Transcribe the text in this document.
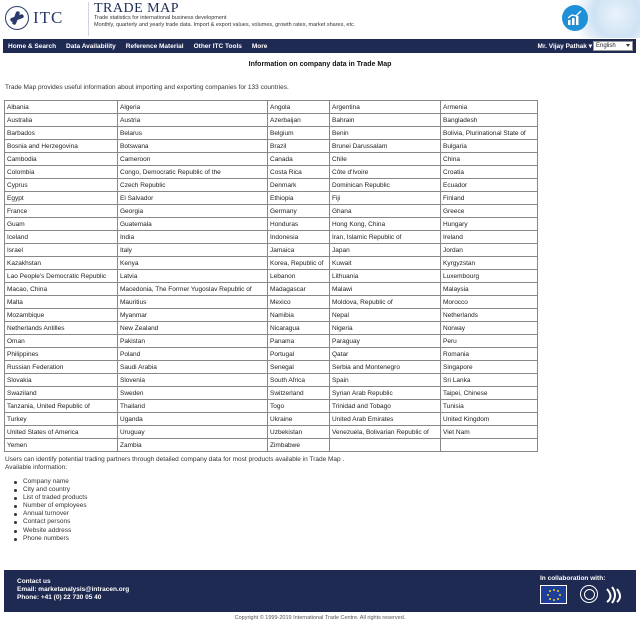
ITC TRADE MAP
Trade statistics for international business development
Monthly, quarterly and yearly trade data. Import & export values, volumes, growth rates, market shares, etc.
Home & Search	Data Availability	Reference Material	Other ITC Tools	More	Mr. Vijay Pathak ▾ English
Information on company data in Trade Map
Trade Map provides useful information about importing and exporting companies for 133 countries.
Albania	Algeria	Angola	Argentina	Armenia
Australia	Austria	Azerbaijan	Bahrain	Bangladesh
Barbados	Belarus	Belgium	Benin	Bolivia, Plurinational State of
Bosnia and Herzegovina	Botswana	Brazil	Brunei Darussalam	Bulgaria
Cambodia	Cameroon	Canada	Chile	China
Colombia	Congo, Democratic Republic of the	Costa Rica	Côte d'Ivoire	Croatia
Cyprus	Czech Republic	Denmark	Dominican Republic	Ecuador
Egypt	El Salvador	Ethiopia	Fiji	Finland
France	Georgia	Germany	Ghana	Greece
Guam	Guatemala	Honduras	Hong Kong, China	Hungary
Iceland	India	Indonesia	Iran, Islamic Republic of	Ireland
Israel	Italy	Jamaica	Japan	Jordan
Kazakhstan	Kenya	Korea, Republic of	Kuwait	Kyrgyzstan
Lao People's Democratic Republic	Latvia	Lebanon	Lithuania	Luxembourg
Macao, China	Macedonia, The Former Yugoslav Republic of	Madagascar	Malawi	Malaysia
Malta	Mauritius	Mexico	Moldova, Republic of	Morocco
Mozambique	Myanmar	Namibia	Nepal	Netherlands
Netherlands Antilles	New Zealand	Nicaragua	Nigeria	Norway
Oman	Pakistan	Panama	Paraguay	Peru
Philippines	Poland	Portugal	Qatar	Romania
Russian Federation	Saudi Arabia	Senegal	Serbia and Montenegro	Singapore
Slovakia	Slovenia	South Africa	Spain	Sri Lanka
Swaziland	Sweden	Switzerland	Syrian Arab Republic	Taipei, Chinese
Tanzania, United Republic of	Thailand	Togo	Trinidad and Tobago	Tunisia
Turkey	Uganda	Ukraine	United Arab Emirates	United Kingdom
United States of America	Uruguay	Uzbekistan	Venezuela, Bolivarian Republic of	Viet Nam
Yemen	Zambia	Zimbabwe		
Users can identify potential trading partners through detailed company data for most products available in Trade Map .
Available information:
Company name
City and country
List of traded products
Number of employees
Annual turnover
Contact persons
Website address
Phone numbers
Contact us
Email: marketanalysis@intracen.org
Phone: +41 (0) 22 730 05 40
In collaboration with:
Copyright © 1999-2019 International Trade Centre. All rights reserved.
